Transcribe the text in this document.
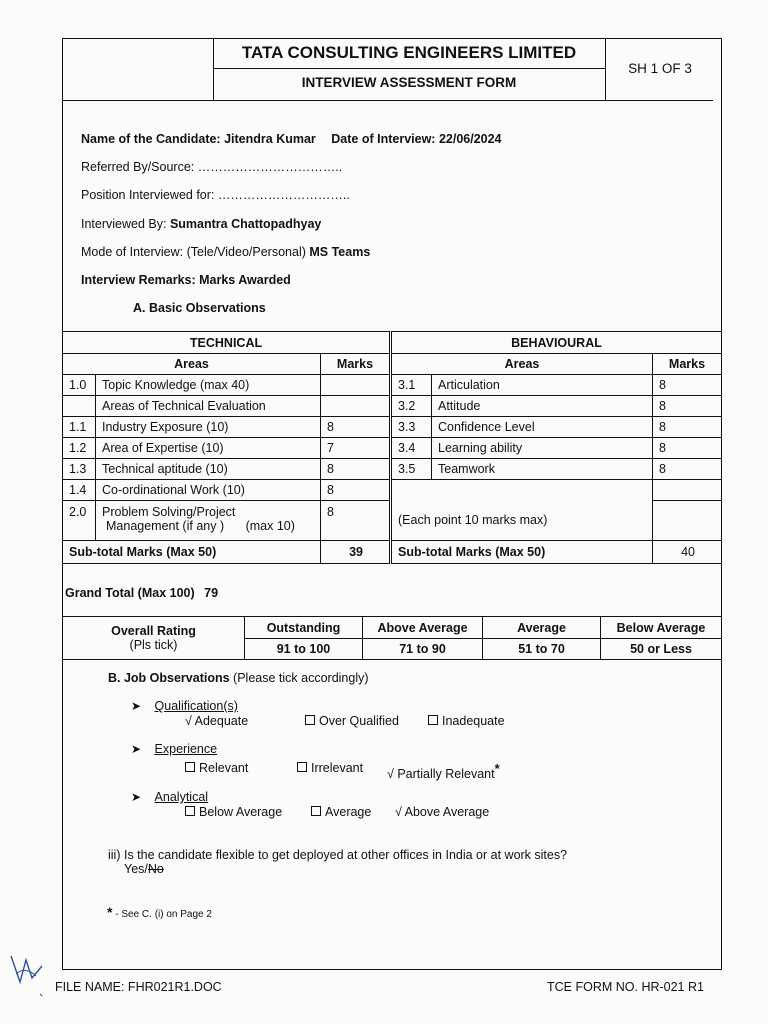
TATA CONSULTING ENGINEERS LIMITED
INTERVIEW ASSESSMENT FORM
SH 1 OF 3
Name of the Candidate: Jitendra Kumar Date of Interview: 22/06/2024
Referred By/Source: ……………………………..
Position Interviewed for: …………………………..
Interviewed By: Sumantra Chattopadhyay
Mode of Interview: (Tele/Video/Personal) MS Teams
Interview Remarks: Marks Awarded
A. Basic Observations
TECHNICAL		
Areas		Marks
1.0	Topic Knowledge (max 40)	
	Areas of Technical Evaluation	
1.1	Industry Exposure (10)	8
1.2	Area of Expertise (10)	7
1.3	Technical aptitude (10)	8
1.4	Co-ordinational Work (10)	8
2.0	Problem Solving/Project
Management (if any ) (max 10)	8
Sub-total Marks (Max 50)		39
BEHAVIOURAL		
Areas		Marks
3.1	Articulation	8
3.2	Attitude	8
3.3	Confidence Level	8
3.4	Learning ability	8
3.5	Teamwork	8

(Each point 10 marks max)		
Sub-total Marks (Max 50)		40
Grand Total (Max 100) 79
Overall Rating
(Pls tick)	Outstanding	Above Average	Average	Below Average
	91 to 100	71 to 90	51 to 70	50 or Less
B. Job Observations (Please tick accordingly)
➤ Qualification(s)
√ Adequate	Over Qualified	Inadequate
➤ Experience
Relevant	Irrelevant √ Partially Relevant*
➤ Analytical
Below Average	Average √ Above Average
iii) Is the candidate flexible to get deployed at other offices in India or at work sites?
Yes/No
* - See C. (i) on Page 2
FILE NAME: FHR021R1.DOC	TCE FORM NO. HR-021 R1
